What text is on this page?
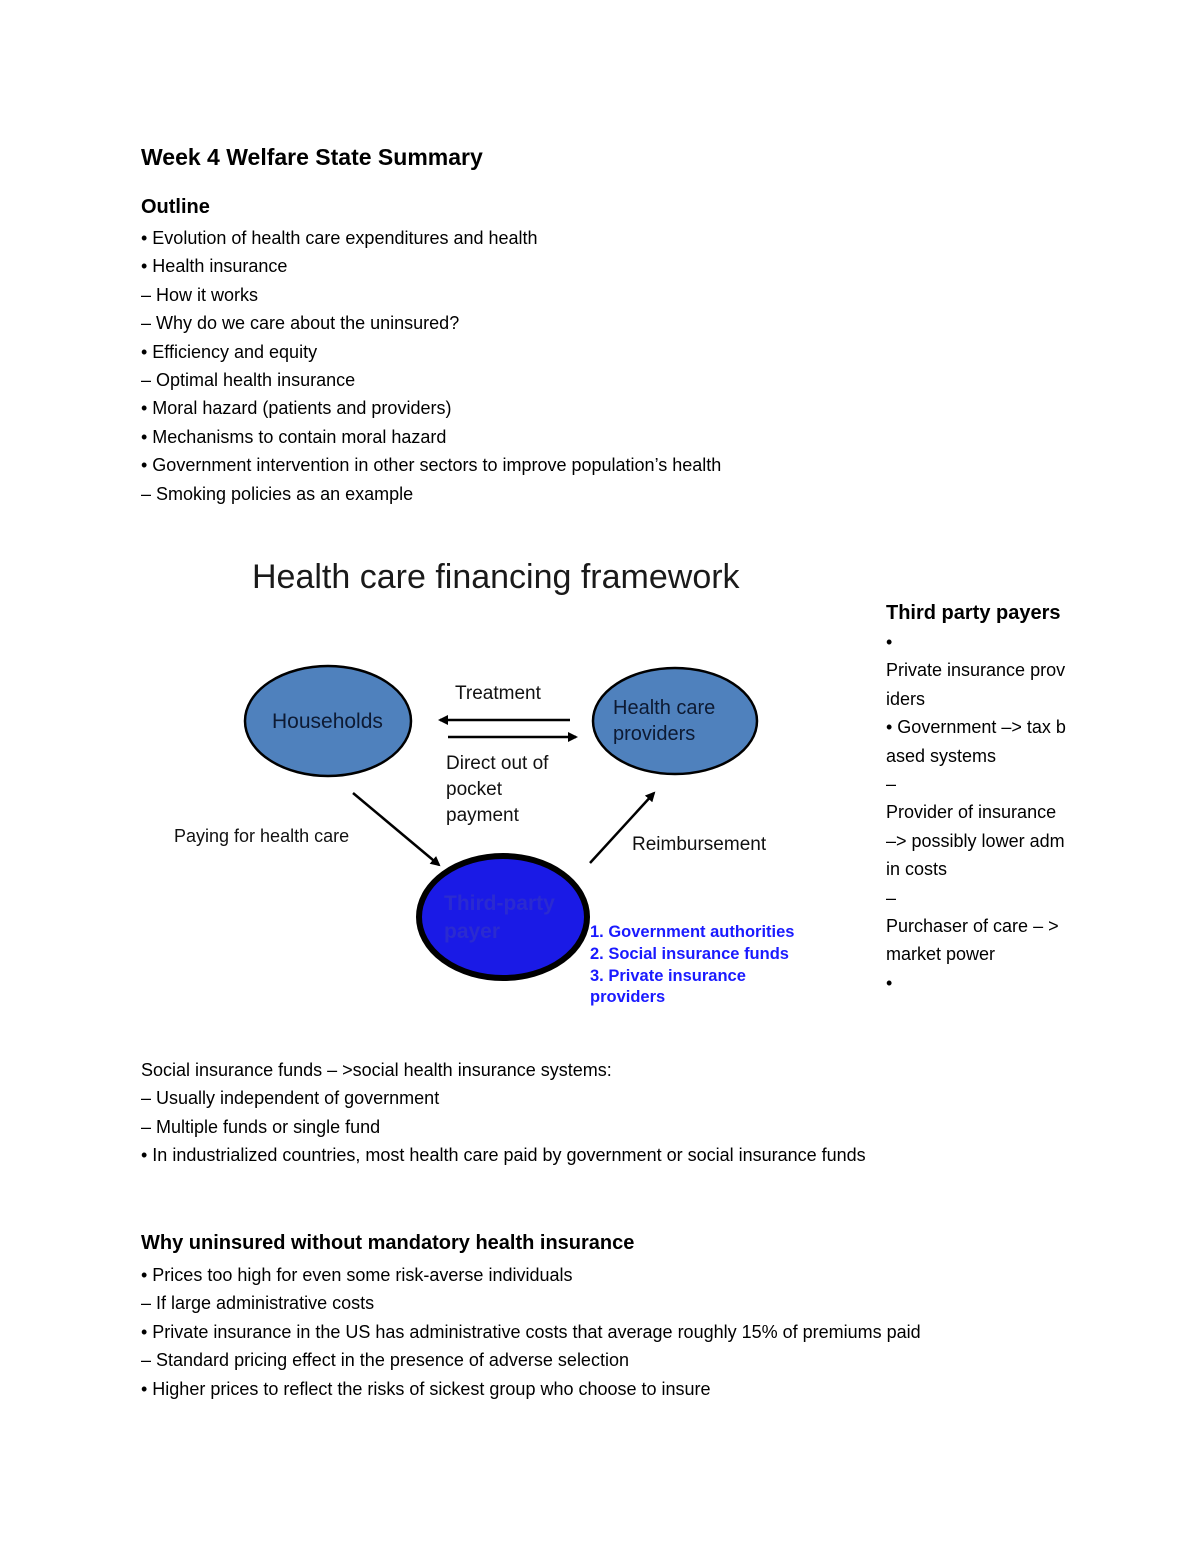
Week 4 Welfare State Summary
Outline
• Evolution of health care expenditures and health
• Health insurance
– How it works
– Why do we care about the uninsured?
• Efficiency and equity
– Optimal health insurance
• Moral hazard (patients and providers)
• Mechanisms to contain moral hazard
• Government intervention in other sectors to improve population’s health
– Smoking policies as an example
Health care financing framework
Households
Health care providers
Third-party payer
Treatment
Direct out of pocket payment
Paying for health care	Reimbursement
1. Government authorities
2. Social insurance funds
3. Private insurance
providers

Third party payers

•
Private insurance providers
• Government –> tax based systems
–
Provider of insurance –> possibly lower admin costs
–
Purchaser of care – >market power
•
Social insurance funds – >social health insurance systems:
– Usually independent of government
– Multiple funds or single fund
• In industrialized countries, most health care paid by government or social insurance funds
Why uninsured without mandatory health insurance
• Prices too high for even some risk-averse individuals
– If large administrative costs
• Private insurance in the US has administrative costs that average roughly 15% of premiums paid
– Standard pricing effect in the presence of adverse selection
• Higher prices to reflect the risks of sickest group who choose to insure
